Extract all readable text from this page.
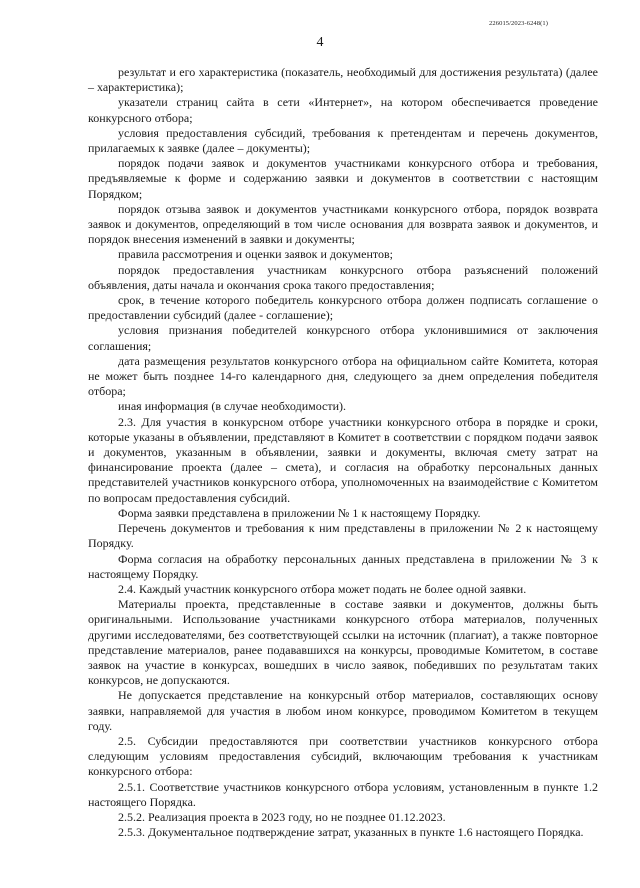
226015/2023-6248(1)
4

результат и его характеристика (показатель, необходимый для достижения результата) (далее – характеристика);

указатели страниц сайта в сети «Интернет», на котором обеспечивается проведение конкурсного отбора;

условия предоставления субсидий, требования к претендентам и перечень документов, прилагаемых к заявке (далее – документы);

порядок подачи заявок и документов участниками конкурсного отбора и требования, предъявляемые к форме и содержанию заявки и документов в соответствии с настоящим Порядком;

порядок отзыва заявок и документов участниками конкурсного отбора, порядок возврата заявок и документов, определяющий в том числе основания для возврата заявок и документов, и порядок внесения изменений в заявки и документы;

правила рассмотрения и оценки заявок и документов;

порядок предоставления участникам конкурсного отбора разъяснений положений объявления, даты начала и окончания срока такого предоставления;

срок, в течение которого победитель конкурсного отбора должен подписать соглашение о предоставлении субсидий (далее - соглашение);

условия признания победителей конкурсного отбора уклонившимися от заключения соглашения;

дата размещения результатов конкурсного отбора на официальном сайте Комитета, которая не может быть позднее 14-го календарного дня, следующего за днем определения победителя отбора;

иная информация (в случае необходимости).

2.3. Для участия в конкурсном отборе участники конкурсного отбора в порядке и сроки, которые указаны в объявлении, представляют в Комитет в соответствии с порядком подачи заявок и документов, указанным в объявлении, заявки и документы, включая смету затрат на финансирование проекта (далее – смета), и согласия на обработку персональных данных представителей участников конкурсного отбора, уполномоченных на взаимодействие с Комитетом по вопросам предоставления субсидий.

Форма заявки представлена в приложении № 1 к настоящему Порядку.

Перечень документов и требования к ним представлены в приложении № 2 к настоящему Порядку.

Форма согласия на обработку персональных данных представлена в приложении № 3 к настоящему Порядку.

2.4. Каждый участник конкурсного отбора может подать не более одной заявки.

Материалы проекта, представленные в составе заявки и документов, должны быть оригинальными. Использование участниками конкурсного отбора материалов, полученных другими исследователями, без соответствующей ссылки на источник (плагиат), а также повторное представление материалов, ранее подававшихся на конкурсы, проводимые Комитетом, в составе заявок на участие в конкурсах, вошедших в число заявок, победивших по результатам таких конкурсов, не допускаются.

Не допускается представление на конкурсный отбор материалов, составляющих основу заявки, направляемой для участия в любом ином конкурсе, проводимом Комитетом в текущем году.

2.5. Субсидии предоставляются при соответствии участников конкурсного отбора следующим условиям предоставления субсидий, включающим требования к участникам конкурсного отбора:

2.5.1. Соответствие участников конкурсного отбора условиям, установленным в пункте 1.2 настоящего Порядка.

2.5.2. Реализация проекта в 2023 году, но не позднее 01.12.2023.

2.5.3. Документальное подтверждение затрат, указанных в пункте 1.6 настоящего Порядка.
